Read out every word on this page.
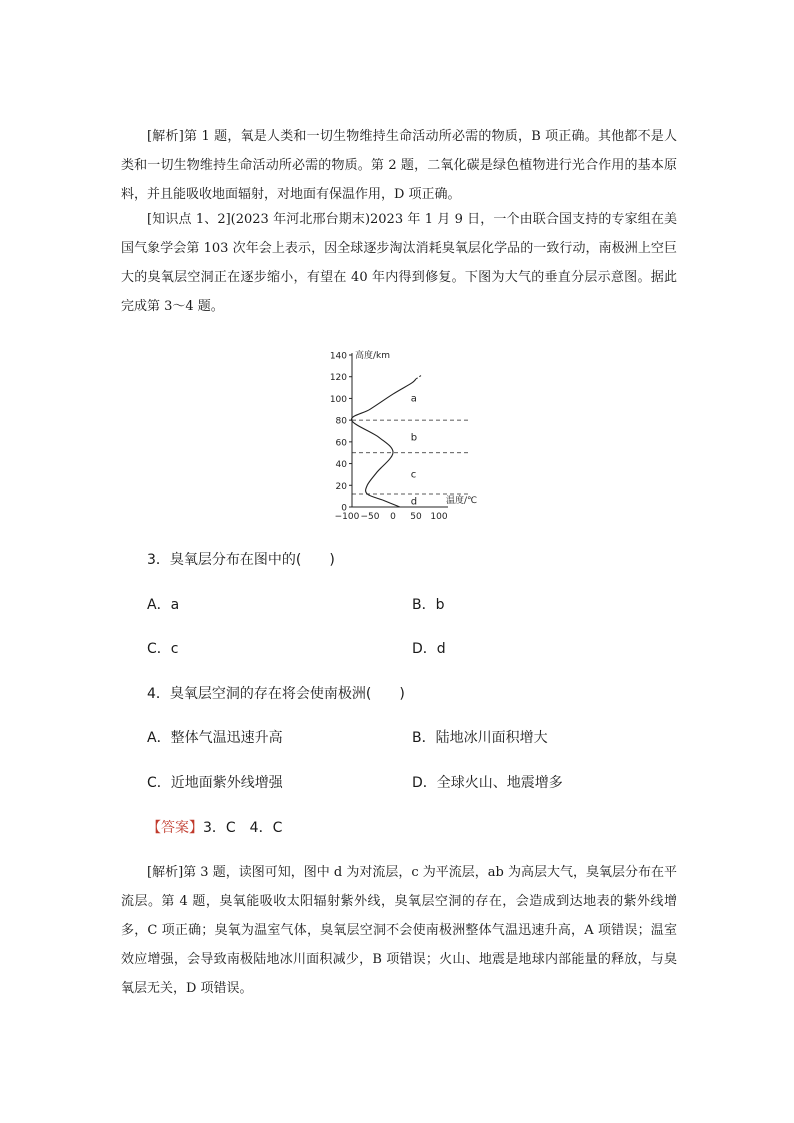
[解析]第 1 题，氧是人类和一切生物维持生命活动所必需的物质，B 项正确。其他都不是人类和一切生物维持生命活动所必需的物质。第 2 题，二氧化碳是绿色植物进行光合作用的基本原料，并且能吸收地面辐射，对地面有保温作用，D 项正确。
[知识点 1、2](2023 年河北邢台期末)2023 年 1 月 9 日，一个由联合国支持的专家组在美国气象学会第 103 次年会上表示，因全球逐步淘汰消耗臭氧层化学品的一致行动，南极洲上空巨大的臭氧层空洞正在逐步缩小，有望在 40 年内得到修复。下图为大气的垂直分层示意图。据此完成第 3～4 题。
0
20
40
60
80
100
120
140
−100 −50 0 50 100
高度/km
温度/℃
a
b
c
d
3．臭氧层分布在图中的(　　)
A．a	B．b
C．c	D．d
4．臭氧层空洞的存在将会使南极洲(　　)
A．整体气温迅速升高	B．陆地冰川面积增大
C．近地面紫外线增强	D．全球火山、地震增多
【答案】3．C　4．C
[解析]第 3 题，读图可知，图中 d 为对流层，c 为平流层，ab 为高层大气，臭氧层分布在平流层。第 4 题，臭氧能吸收太阳辐射紫外线，臭氧层空洞的存在，会造成到达地表的紫外线增多，C 项正确；臭氧为温室气体，臭氧层空洞不会使南极洲整体气温迅速升高，A 项错误；温室效应增强，会导致南极陆地冰川面积减少，B 项错误；火山、地震是地球内部能量的释放，与臭氧层无关，D 项错误。
